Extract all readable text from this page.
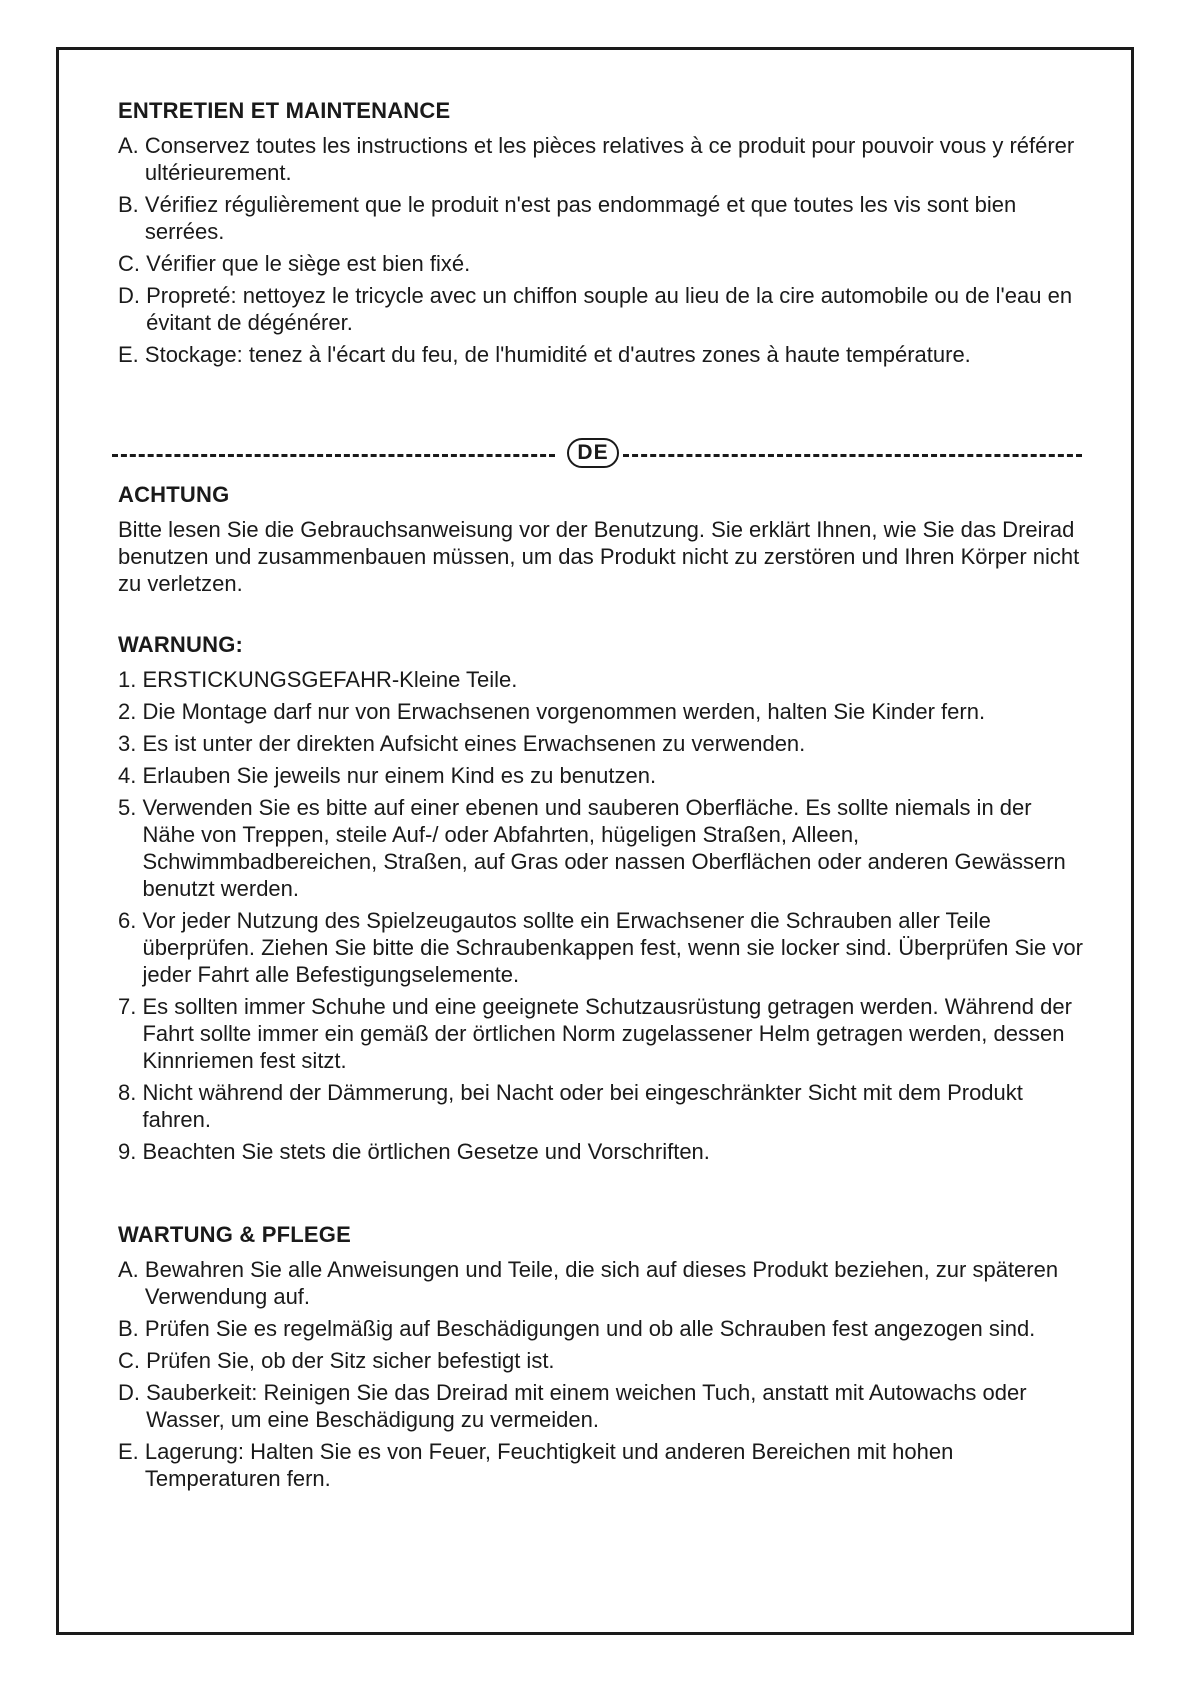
ENTRETIEN ET MAINTENANCE
A. Conservez toutes les instructions et les pièces relatives à ce produit pour pouvoir vous y référer ultérieurement.
B. Vérifiez régulièrement que le produit n'est pas endommagé et que toutes les vis sont bien serrées.
C. Vérifier que le siège est bien fixé.
D. Propreté: nettoyez le tricycle avec un chiffon souple au lieu de la cire automobile ou de l'eau en évitant de dégénérer.
E. Stockage: tenez à l'écart du feu, de l'humidité et d'autres zones à haute température.
DE
ACHTUNG

Bitte lesen Sie die Gebrauchsanweisung vor der Benutzung. Sie erklärt Ihnen, wie Sie das Dreirad benutzen und zusammenbauen müssen, um das Produkt nicht zu zerstören und Ihren Körper nicht zu verletzen.

WARNUNG:
1. ERSTICKUNGSGEFAHR-Kleine Teile.
2. Die Montage darf nur von Erwachsenen vorgenommen werden, halten Sie Kinder fern.
3. Es ist unter der direkten Aufsicht eines Erwachsenen zu verwenden.
4. Erlauben Sie jeweils nur einem Kind es zu benutzen.
5. Verwenden Sie es bitte auf einer ebenen und sauberen Oberfläche. Es sollte niemals in der Nähe von Treppen, steile Auf-/ oder Abfahrten, hügeligen Straßen, Alleen, Schwimmbadbereichen, Straßen, auf Gras oder nassen Oberflächen oder anderen Gewässern benutzt werden.
6. Vor jeder Nutzung des Spielzeugautos sollte ein Erwachsener die Schrauben aller Teile überprüfen. Ziehen Sie bitte die Schraubenkappen fest, wenn sie locker sind. Überprüfen Sie vor jeder Fahrt alle Befestigungselemente.
7. Es sollten immer Schuhe und eine geeignete Schutzausrüstung getragen werden. Während der Fahrt sollte immer ein gemäß der örtlichen Norm zugelassener Helm getragen werden, dessen Kinnriemen fest sitzt.
8. Nicht während der Dämmerung, bei Nacht oder bei eingeschränkter Sicht mit dem Produkt fahren.
9. Beachten Sie stets die örtlichen Gesetze und Vorschriften.
WARTUNG & PFLEGE
A. Bewahren Sie alle Anweisungen und Teile, die sich auf dieses Produkt beziehen, zur späteren Verwendung auf.
B. Prüfen Sie es regelmäßig auf Beschädigungen und ob alle Schrauben fest angezogen sind.
C. Prüfen Sie, ob der Sitz sicher befestigt ist.
D. Sauberkeit: Reinigen Sie das Dreirad mit einem weichen Tuch, anstatt mit Autowachs oder Wasser, um eine Beschädigung zu vermeiden.
E. Lagerung: Halten Sie es von Feuer, Feuchtigkeit und anderen Bereichen mit hohen Temperaturen fern.
